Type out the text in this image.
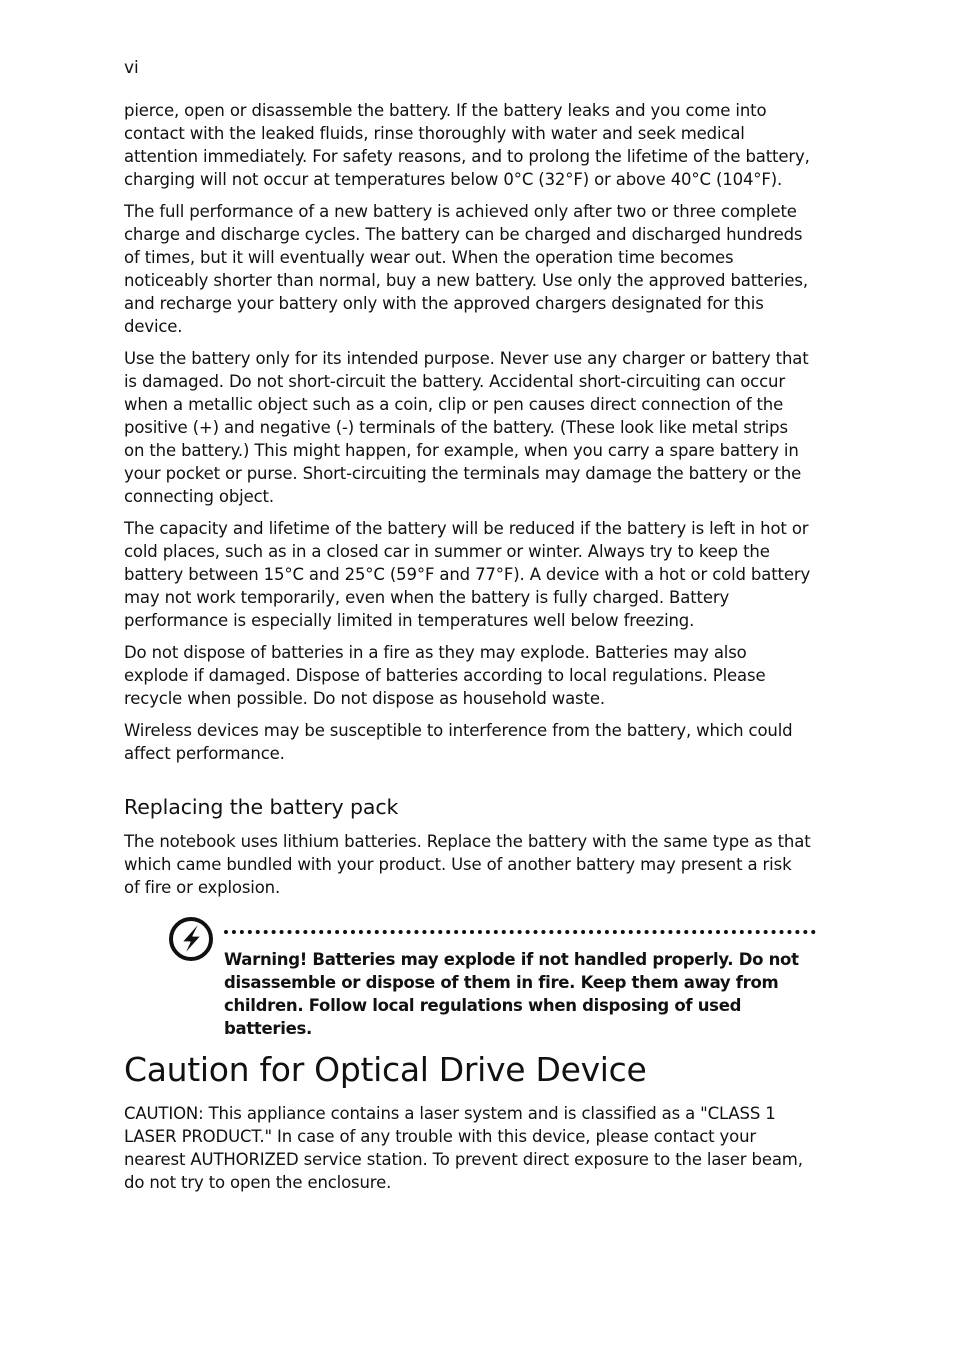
vi

pierce, open or disassemble the battery. If the battery leaks and you come into contact with the leaked fluids, rinse thoroughly with water and seek medical attention immediately. For safety reasons, and to prolong the lifetime of the battery, charging will not occur at temperatures below 0°C (32°F) or above 40°C (104°F).

The full performance of a new battery is achieved only after two or three complete charge and discharge cycles. The battery can be charged and discharged hundreds of times, but it will eventually wear out. When the operation time becomes noticeably shorter than normal, buy a new battery. Use only the approved batteries, and recharge your battery only with the approved chargers designated for this device.

Use the battery only for its intended purpose. Never use any charger or battery that is damaged. Do not short-circuit the battery. Accidental short-circuiting can occur when a metallic object such as a coin, clip or pen causes direct connection of the positive (+) and negative (-) terminals of the battery. (These look like metal strips on the battery.) This might happen, for example, when you carry a spare battery in your pocket or purse. Short-circuiting the terminals may damage the battery or the connecting object.

The capacity and lifetime of the battery will be reduced if the battery is left in hot or cold places, such as in a closed car in summer or winter. Always try to keep the battery between 15°C and 25°C (59°F and 77°F). A device with a hot or cold battery may not work temporarily, even when the battery is fully charged. Battery performance is especially limited in temperatures well below freezing.

Do not dispose of batteries in a fire as they may explode. Batteries may also explode if damaged. Dispose of batteries according to local regulations. Please recycle when possible. Do not dispose as household waste.

Wireless devices may be susceptible to interference from the battery, which could affect performance.

Replacing the battery pack

The notebook uses lithium batteries. Replace the battery with the same type as that which came bundled with your product. Use of another battery may present a risk of fire or explosion.

Warning! Batteries may explode if not handled properly. Do not disassemble or dispose of them in fire. Keep them away from children. Follow local regulations when disposing of used batteries.

Caution for Optical Drive Device

CAUTION: This appliance contains a laser system and is classified as a "CLASS 1 LASER PRODUCT." In case of any trouble with this device, please contact your nearest AUTHORIZED service station. To prevent direct exposure to the laser beam, do not try to open the enclosure.
